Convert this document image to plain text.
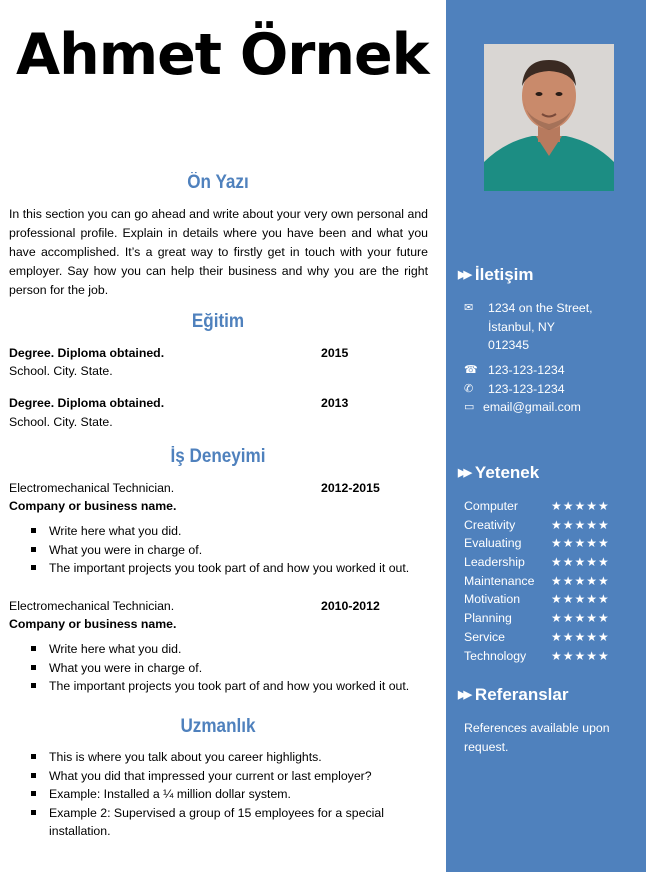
Ahmet Örnek
Ön Yazı
In this section you can go ahead and write about your very own personal and professional profile. Explain in details where you have been and what you have accomplished. It’s a great way to firstly get in touch with your future employer. Say how you can help their business and why you are the right person for the job.
Eğitim
Degree. Diploma obtained.	2015
School. City. State.
Degree. Diploma obtained.	2013
School. City. State.
İş Deneyimi
Electromechanical Technician.	2012-2015
Company or business name.
Write here what you did.
What you were in charge of.
The important projects you took part of and how you worked it out.
Electromechanical Technician.	2010-2012
Company or business name.
Write here what you did.
What you were in charge of.
The important projects you took part of and how you worked it out.
Uzmanlık
This is where you talk about you career highlights.
What you did that impressed your current or last employer?
Example: Installed a ¼ million dollar system.
Example 2: Supervised a group of 15 employees for a special installation.
▶▶ İletişim
✉	1234 on the Street,
İstanbul, NY
012345
☎ 123-123-1234
✆	123-123-1234
▭ email@gmail.com
▶▶ Yetenek
Computer	★★★★★
Creativity	★★★★★
Evaluating ★★★★★
Leadership ★★★★★
Maintenance ★★★★★
Motivation	★★★★★
Planning	★★★★★
Service	★★★★★
Technology ★★★★★
▶▶ Referanslar
References available upon request.
